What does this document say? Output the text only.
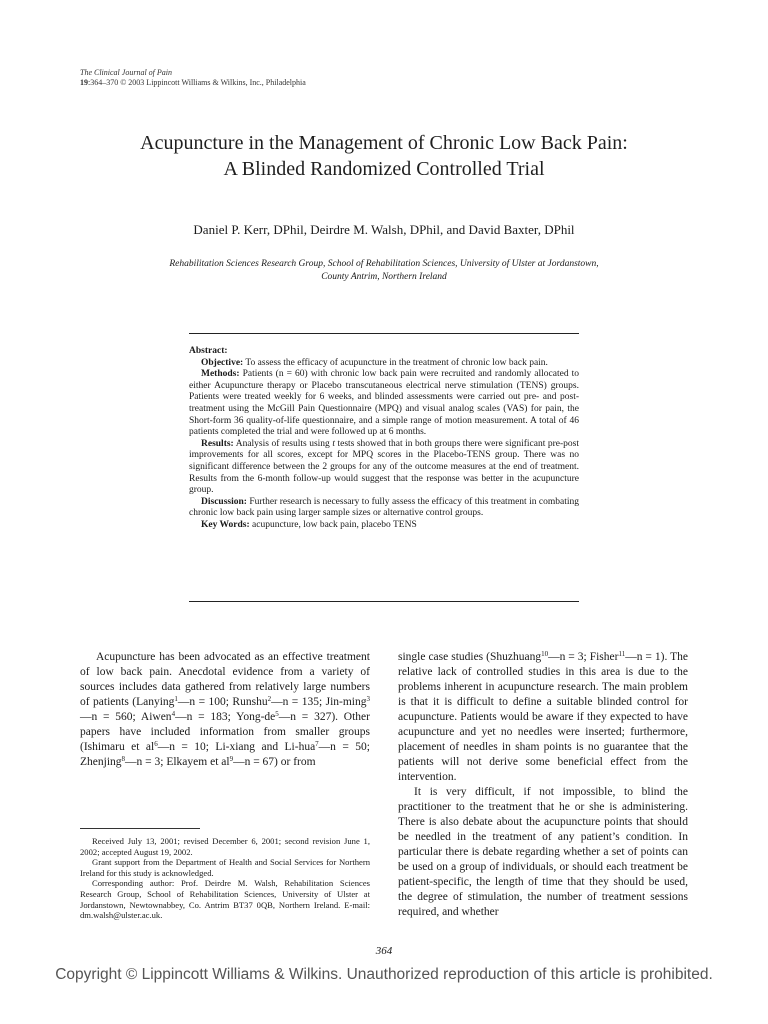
The Clinical Journal of Pain
19:364–370 © 2003 Lippincott Williams & Wilkins, Inc., Philadelphia
Acupuncture in the Management of Chronic Low Back Pain:
A Blinded Randomized Controlled Trial
Daniel P. Kerr, DPhil, Deirdre M. Walsh, DPhil, and David Baxter, DPhil
Rehabilitation Sciences Research Group, School of Rehabilitation Sciences, University of Ulster at Jordanstown,
County Antrim, Northern Ireland

Abstract:

Objective: To assess the efficacy of acupuncture in the treatment of chronic low back pain.

Methods: Patients (n = 60) with chronic low back pain were recruited and randomly allocated to either Acupuncture therapy or Placebo transcutaneous electrical nerve stimulation (TENS) groups. Patients were treated weekly for 6 weeks, and blinded assessments were carried out pre- and post-treatment using the McGill Pain Questionnaire (MPQ) and visual analog scales (VAS) for pain, the Short-form 36 quality-of-life questionnaire, and a simple range of motion measurement. A total of 46 patients completed the trial and were followed up at 6 months.

Results: Analysis of results using t tests showed that in both groups there were significant pre-post improvements for all scores, except for MPQ scores in the Placebo-TENS group. There was no significant difference between the 2 groups for any of the outcome measures at the end of treatment. Results from the 6-month follow-up would suggest that the response was better in the acupuncture group.

Discussion: Further research is necessary to fully assess the efficacy of this treatment in combating chronic low back pain using larger sample sizes or alternative control groups.

Key Words: acupuncture, low back pain, placebo TENS

Acupuncture has been advocated as an effective treatment of low back pain. Anecdotal evidence from a variety of sources includes data gathered from relatively large numbers of patients (Lanying$^1$—n = 100; Runshu$^2$—n = 135; Jin-ming$^3$—n = 560; Aiwen$^4$—n = 183; Yong-$de^5—n = 327$). Other papers have included information from smaller groups (Ishimaru et $al^6—n = 10$; Li-xiang and Li-hua$^7$—n = 50; Zhenjing$^8$—n = 3; Elkayem et $al^9—n = 67$) or from

single case studies (Shuzhuang$^{10}$—n = 3; Fisher$^{11}$—n = 1). The relative lack of controlled studies in this area is due to the problems inherent in acupuncture research. The main problem is that it is difficult to define a suitable blinded control for acupuncture. Patients would be aware if they expected to have acupuncture and yet no needles were inserted; furthermore, placement of needles in sham points is no guarantee that the patients will not derive some beneficial effect from the intervention.

It is very difficult, if not impossible, to blind the practitioner to the treatment that he or she is administering. There is also debate about the acupuncture points that should be needled in the treatment of any patient’s condition. In particular there is debate regarding whether a set of points can be used on a group of individuals, or should each treatment be patient-specific, the length of time that they should be used, the degree of stimulation, the number of treatment sessions required, and whether

Received July 13, 2001; revised December 6, 2001; second revision June 1, 2002; accepted August 19, 2002.

Grant support from the Department of Health and Social Services for Northern Ireland for this study is acknowledged.

Corresponding author: Prof. Deirdre M. Walsh, Rehabilitation Sciences Research Group, School of Rehabilitation Sciences, University of Ulster at Jordanstown, Newtownabbey, Co. Antrim BT37 0QB, Northern Ireland. E-mail: dm.walsh@ulster.ac.uk.

364
Copyright © Lippincott Williams & Wilkins. Unauthorized reproduction of this article is prohibited.
